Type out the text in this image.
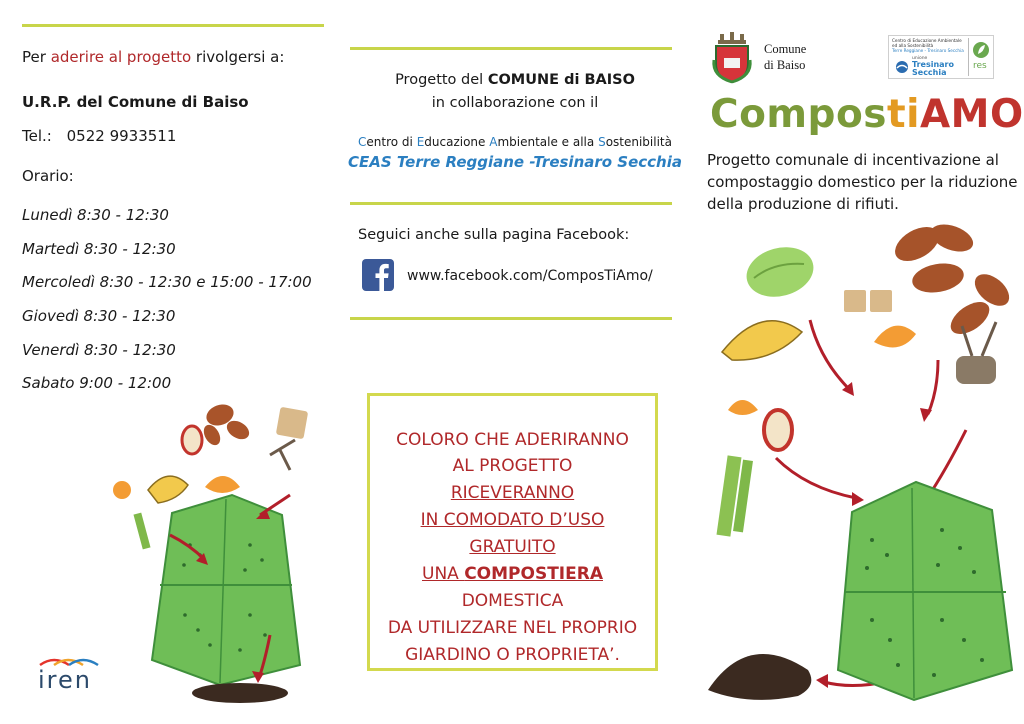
Per aderire al progetto rivolgersi a:
U.R.P. del Comune di Baiso
Tel.: 0522 9933511
Orario:
Lunedì 8:30 - 12:30
Martedì 8:30 - 12:30
Mercoledì 8:30 - 12:30 e 15:00 - 17:00
Giovedì 8:30 - 12:30
Venerdì 8:30 - 12:30
Sabato 9:00 - 12:00
iren
Progetto del COMUNE di BAISO
in collaborazione con il
Centro di Educazione Ambientale e alla Sostenibilità
CEAS Terre Reggiane -Tresinaro Secchia
Seguici anche sulla pagina Facebook:
www.facebook.com/ComposTiAmo/
COLORO CHE ADERIRANNO
AL PROGETTO
RICEVERANNO
IN COMODATO D’USO
GRATUITO
UNA COMPOSTIERA
DOMESTICA
DA UTILIZZARE NEL PROPRIO
GIARDINO O PROPRIETA’.
Comune
di Baiso
Centro di Educazione Ambientale
ed alla Sostenibilità
Terre Reggiane - Tresinaro Secchia
unione
Tresinaro Secchia
res
CompostiAMO
Progetto comunale di incentivazione al
compostaggio domestico per la riduzione
della produzione di rifiuti.
